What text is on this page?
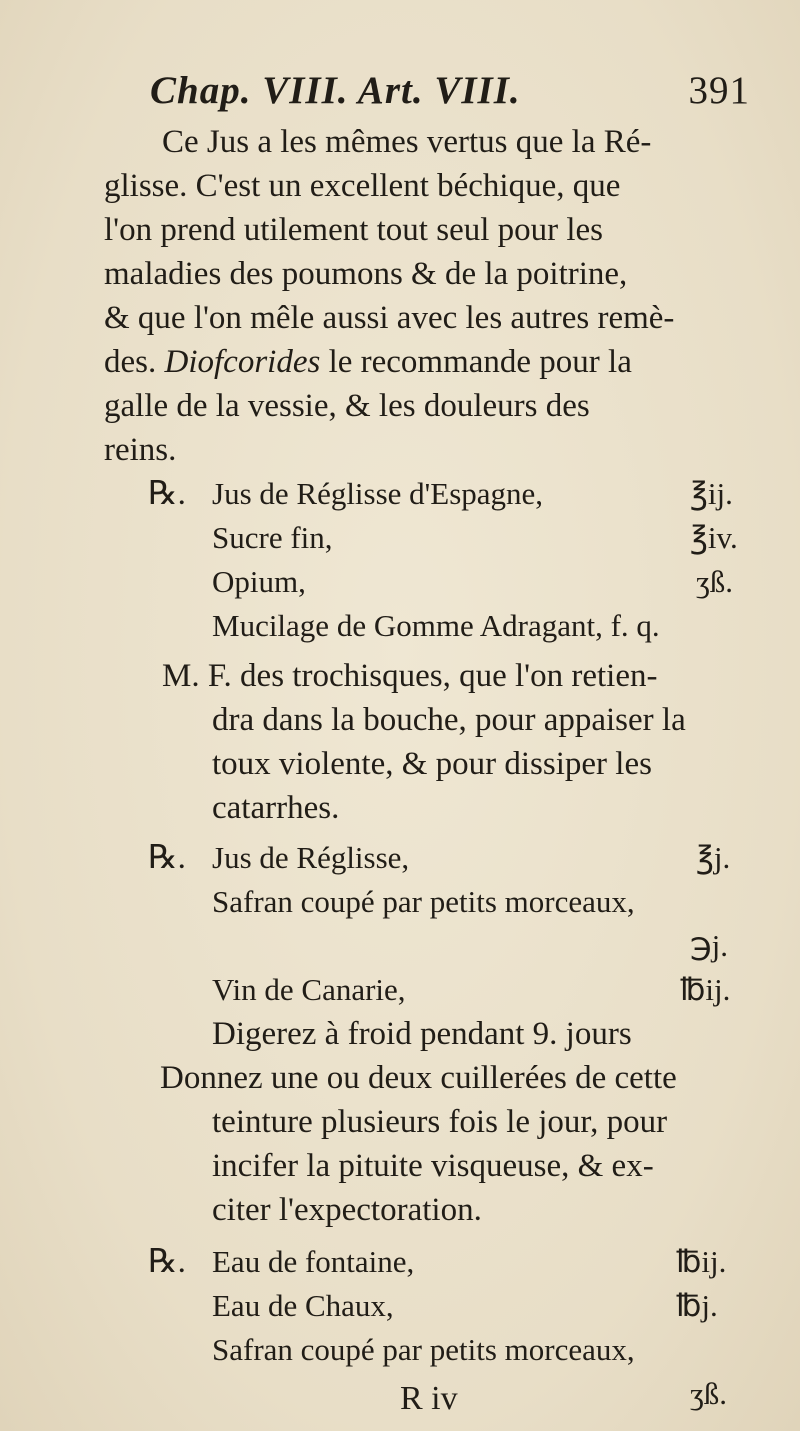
Chap. VIII. Art. VIII.	391
Ce Jus a les mêmes vertus que la Ré-
glisse. C'est un excellent béchique, que
l'on prend utilement tout seul pour les
maladies des poumons & de la poitrine,
& que l'on mêle aussi avec les autres remè-
des.
Diofcorides
le recommande pour la
galle de la vessie, & les douleurs des
reins.
℞. Jus de Réglisse d'Espagne,	℥ij.
Sucre fin,	℥iv.
Opium,	ʒß.
Mucilage de Gomme Adragant, f. q.
M. F. des trochisques, que l'on retien-
dra dans la bouche, pour appaiser la
toux violente, & pour dissiper les
catarrhes.
℞. Jus de Réglisse,	℥j.
Safran coupé par petits morceaux,
℈j.
Vin de Canarie,	℔ij.
Digerez à froid pendant 9. jours
Donnez une ou deux cuillerées de cette
teinture plusieurs fois le jour, pour
incifer la pituite visqueuse, & ex-
citer l'expectoration.
℞. Eau de fontaine,	℔ij.
Eau de Chaux,	℔j.
Safran coupé par petits morceaux,
ʒß.
R iv
